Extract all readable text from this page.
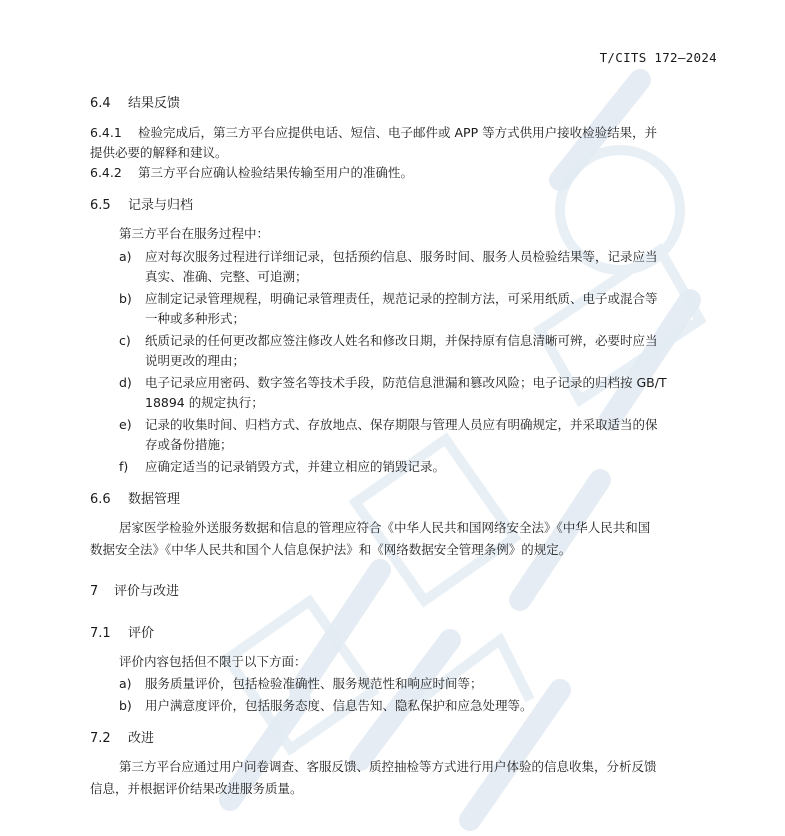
T/CITS 172—2024
6.4 结果反馈
6.4.1 检验完成后，第三方平台应提供电话、短信、电子邮件或 APP 等方式供用户接收检验结果，并
提供必要的解释和建议。
6.4.2 第三方平台应确认检验结果传输至用户的准确性。
6.5 记录与归档
第三方平台在服务过程中：
a) 应对每次服务过程进行详细记录，包括预约信息、服务时间、服务人员检验结果等，记录应当
真实、准确、完整、可追溯；
b) 应制定记录管理规程，明确记录管理责任，规范记录的控制方法，可采用纸质、电子或混合等
一种或多种形式；
c) 纸质记录的任何更改都应签注修改人姓名和修改日期，并保持原有信息清晰可辨，必要时应当
说明更改的理由；
d) 电子记录应用密码、数字签名等技术手段，防范信息泄漏和篡改风险；电子记录的归档按 GB/T
18894 的规定执行；
e) 记录的收集时间、归档方式、存放地点、保存期限与管理人员应有明确规定，并采取适当的保
存或备份措施；
f) 应确定适当的记录销毁方式，并建立相应的销毁记录。
6.6 数据管理
居家医学检验外送服务数据和信息的管理应符合《中华人民共和国网络安全法》《中华人民共和国
数据安全法》《中华人民共和国个人信息保护法》和《网络数据安全管理条例》的规定。
7 评价与改进
7.1 评价
评价内容包括但不限于以下方面：
a) 服务质量评价，包括检验准确性、服务规范性和响应时间等；
b) 用户满意度评价，包括服务态度、信息告知、隐私保护和应急处理等。
7.2 改进
第三方平台应通过用户问卷调查、客服反馈、质控抽检等方式进行用户体验的信息收集，分析反馈
信息，并根据评价结果改进服务质量。
